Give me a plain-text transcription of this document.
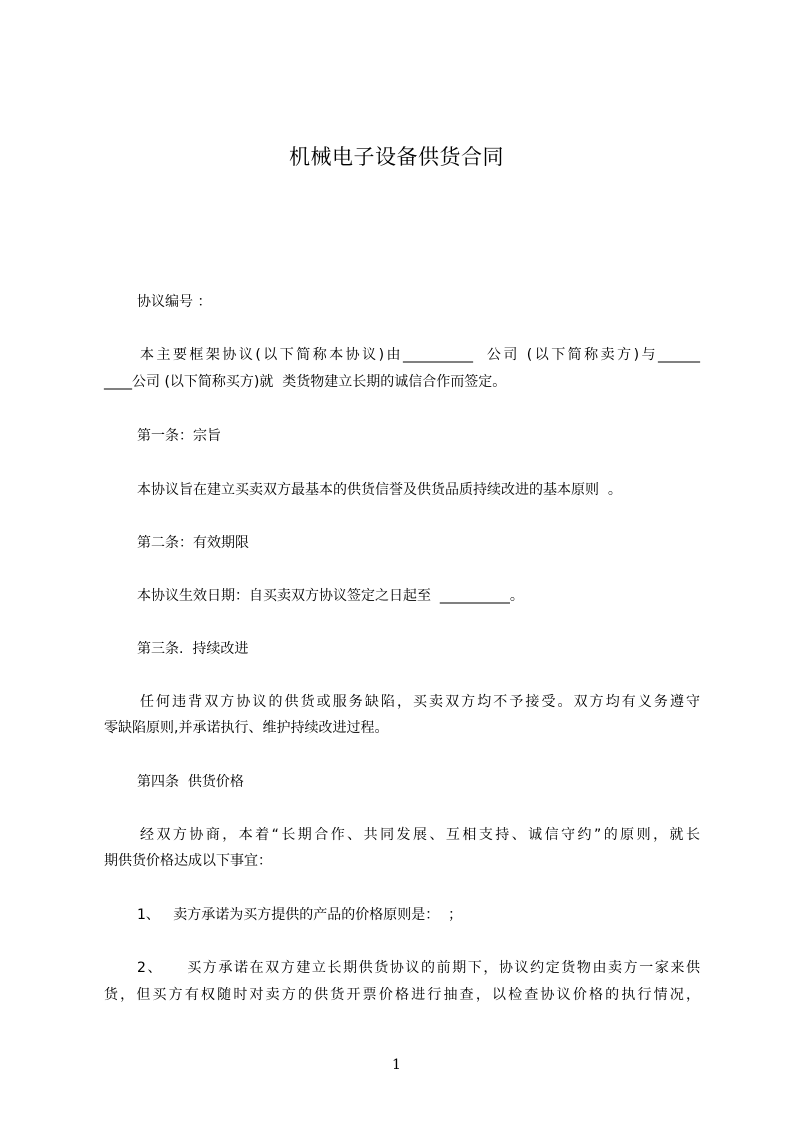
机械电子设备供货合同
协议编号 ：
本主要框架协议(以下简称本协议)由__________  公司 (以下简称卖方)与______
____公司 (以下简称买方)就  类货物建立长期的诚信合作而签定。
第一条：宗旨
本协议旨在建立买卖双方最基本的供货信誉及供货品质持续改进的基本原则  。
第二条：有效期限
本协议生效日期：自买卖双方协议签定之日起至  __________。
第三条.  持续改进
任何违背双方协议的供货或服务缺陷，买卖双方均不予接受。双方均有义务遵守
零缺陷原则,并承诺执行、维护持续改进过程。
第四条  供货价格
经双方协商，本着“长期合作、共同发展、互相支持、诚信守约”的原则，就长
期供货价格达成以下事宜：
1、   卖方承诺为买方提供的产品的价格原则是：  ；
2、    买方承诺在双方建立长期供货协议的前期下，协议约定货物由卖方一家来供
货，但买方有权随时对卖方的供货开票价格进行抽查，以检查协议价格的执行情况，
1
